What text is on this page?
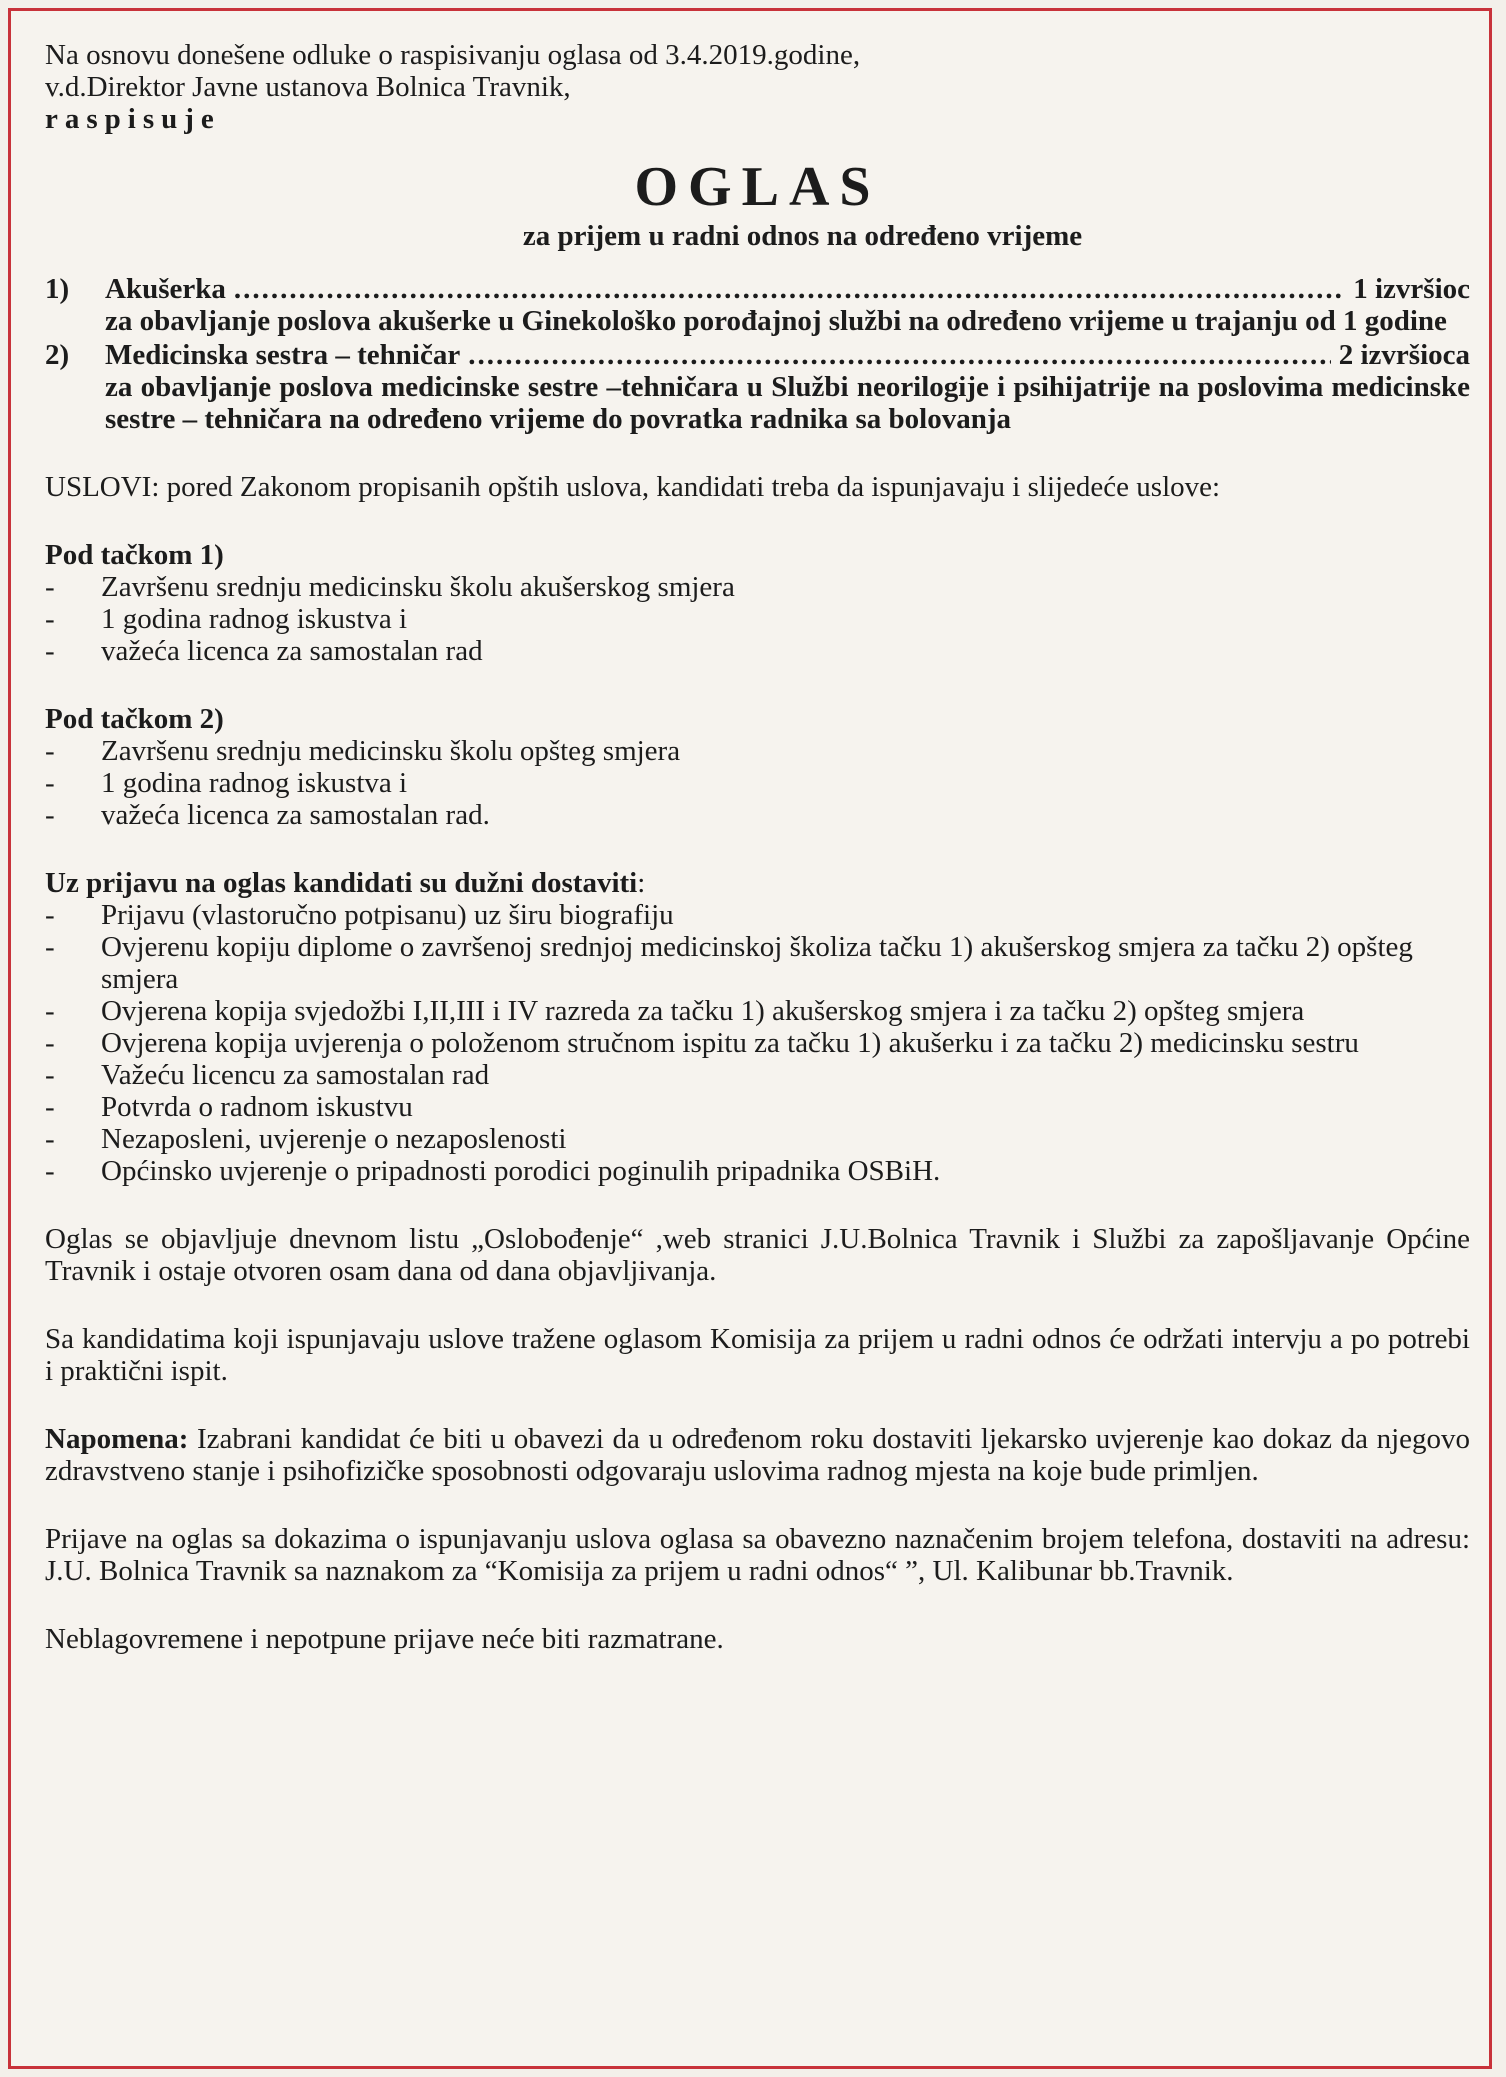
Na osnovu donešene odluke o raspisivanju oglasa od 3.4.2019.godine,

v.d.Direktor Javne ustanova Bolnica Travnik,

raspisuje

OGLAS
za prijem u radni odnos na određeno vrijeme
1)	Akušerka .....	1 izvršioc
za obavljanje poslova akušerke u Ginekološko porođajnoj službi na određeno vrijeme u trajanju od 1 godine
2)	Medicinska sestra – tehničar .....	2 izvršioca
za obavljanje poslova medicinske sestre –tehničara u Službi neorilogije i psihijatrije na poslovima medicinske sestre – tehničara na određeno vrijeme do povratka radnika sa bolovanja
USLOVI: pored Zakonom propisanih opštih uslova, kandidati treba da ispunjavaju i slijedeće uslove:
Pod tačkom 1)
- Završenu srednju medicinsku školu akušerskog smjera
- 1 godina radnog iskustva i
- važeća licenca za samostalan rad
Pod tačkom 2)
- Završenu srednju medicinsku školu opšteg smjera
- 1 godina radnog iskustva i
- važeća licenca za samostalan rad.
Uz prijavu na oglas kandidati su dužni dostaviti:
- Prijavu (vlastoručno potpisanu) uz širu biografiju
- Ovjerenu kopiju diplome o završenoj srednjoj medicinskoj školiza tačku 1) akušerskog smjera za tačku 2) opšteg smjera
- Ovjerena kopija svjedožbi I,II,III i IV razreda za tačku 1) akušerskog smjera i za tačku 2) opšteg smjera
- Ovjerena kopija uvjerenja o položenom stručnom ispitu za tačku 1) akušerku i za tačku 2) medicinsku sestru
- Važeću licencu za samostalan rad
- Potvrda o radnom iskustvu
- Nezaposleni, uvjerenje o nezaposlenosti
- Općinsko uvjerenje o pripadnosti porodici poginulih pripadnika OSBiH.
Oglas se objavljuje dnevnom listu „Oslobođenje“ ,web stranici J.U.Bolnica Travnik i Službi za zapošljavanje Općine Travnik i ostaje otvoren osam dana od dana objavljivanja.
Sa kandidatima koji ispunjavaju uslove tražene oglasom Komisija za prijem u radni odnos će održati intervju a po potrebi i praktični ispit.
Napomena: Izabrani kandidat će biti u obavezi da u određenom roku dostaviti ljekarsko uvjerenje kao dokaz da njegovo zdravstveno stanje i psihofizičke sposobnosti odgovaraju uslovima radnog mjesta na koje bude primljen.
Prijave na oglas sa dokazima o ispunjavanju uslova oglasa sa obavezno naznačenim brojem telefona, dostaviti na adresu: J.U. Bolnica Travnik sa naznakom za “Komisija za prijem u radni odnos“ ”, Ul. Kalibunar bb.Travnik.
Neblagovremene i nepotpune prijave neće biti razmatrane.
